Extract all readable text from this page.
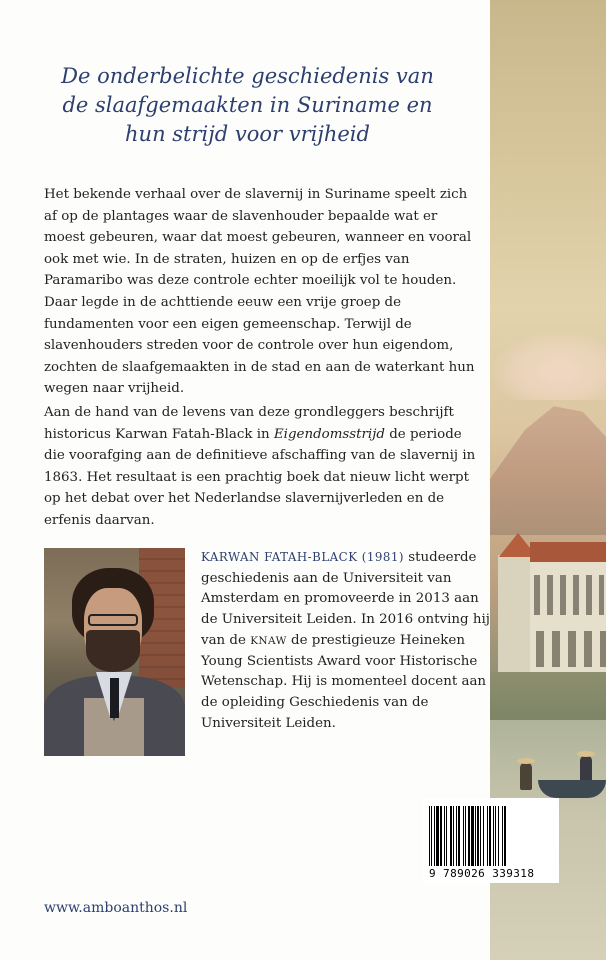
De onderbelichte geschiedenis van
de slaafgemaakten in Suriname en
hun strijd voor vrijheid

Het bekende verhaal over de slavernij in Suriname speelt zich af op de plantages waar de slavenhouder bepaalde wat er moest gebeuren, waar dat moest gebeuren, wanneer en vooral ook met wie. In de straten, huizen en op de erfjes van Paramaribo was deze controle echter moeilijk vol te houden. Daar legde in de achttiende eeuw een vrije groep de fundamenten voor een eigen gemeenschap. Terwijl de slavenhouders streden voor de controle over hun eigendom, zochten de slaafgemaakten in de stad en aan de waterkant hun wegen naar vrijheid.

Aan de hand van de levens van deze grondleggers beschrijft historicus Karwan Fatah-Black in Eigendomsstrijd de periode die voorafging aan de definitieve afschaffing van de slavernij in 1863. Het resultaat is een prachtig boek dat nieuw licht werpt op het debat over het Nederlandse slavernijverleden en de erfenis daarvan.

KARWAN FATAH-BLACK (1981) studeerde geschiedenis aan de Universiteit van Amsterdam en promoveerde in 2013 aan de Universiteit Leiden. In 2016 ontving hij van de KNAW de prestigieuze Heineken Young Scientists Award voor Historische Wetenschap. Hij is momenteel docent aan de opleiding Geschiedenis van de Universiteit Leiden.

www.amboanthos.nl
9 789026 339318
